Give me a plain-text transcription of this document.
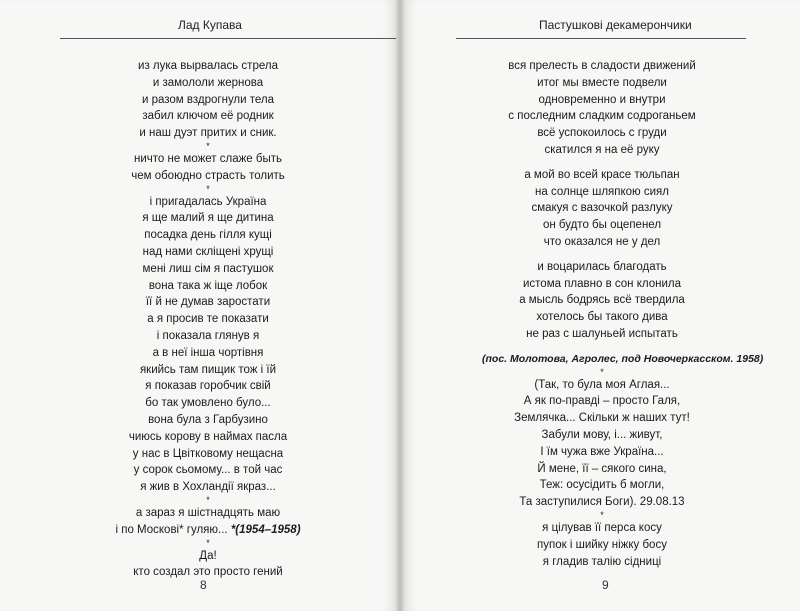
Лад Купава
из лука вырвалась стрела
и замололи жернова
и разом вздрогнули тела
забил ключом её родник
и наш дуэт притих и сник.
*
ничто не может слаже быть
чем обоюдно страсть толить
*
і пригадалась Україна
я ще малий я ще дитина
посадка день гілля кущі
над нами скліщені хрущі
мені лиш сім я пастушок
вона така ж іще лобок
її й не думав заростати
а я просив те показати
і показала глянув я
а в неї інша чортівня
якийсь там пищик тож і їй
я показав горобчик свій
бо так умовлено було...
вона була з Гарбузино
чиюсь корову в наймах пасла
у нас в Цвітковому нещасна
у сорок сьомому... в той час
я жив в Хохландії якраз...
*
а зараз я шістнадцять маю
і по Москові* гуляю... *(1954–1958)
*
Да!
кто создал это просто гений
8
Пастушкові декамерончики
вся прелесть в сладости движений
итог мы вместе подвели
одновременно и внутри
с последним сладким содроганьем
всё успокоилось с груди
скатился я на её руку
а мой во всей красе тюльпан
на солнце шляпкою сиял
смакуя с вазочкой разлуку
он будто бы оцепенел
что оказался не у дел
и воцарилась благодать
истома плавно в сон клонила
а мысль бодрясь всё твердила
хотелось бы такого дива
не раз с шалуньей испытать
(пос. Молотова, Агролес, под Новочеркасском. 1958)
*
(Так, то була моя Аглая...
А як по-правді – просто Галя,
Землячка... Скільки ж наших тут!
Забули мову, і... живут,
І їм чужа вже Україна...
Й мене, її – сякого сина,
Теж: осусідить б могли,
Та заступилися Боги). 29.08.13
*
я цілував її перса косу
пупок і шийку ніжку босу
я гладив талію сідниці
9
